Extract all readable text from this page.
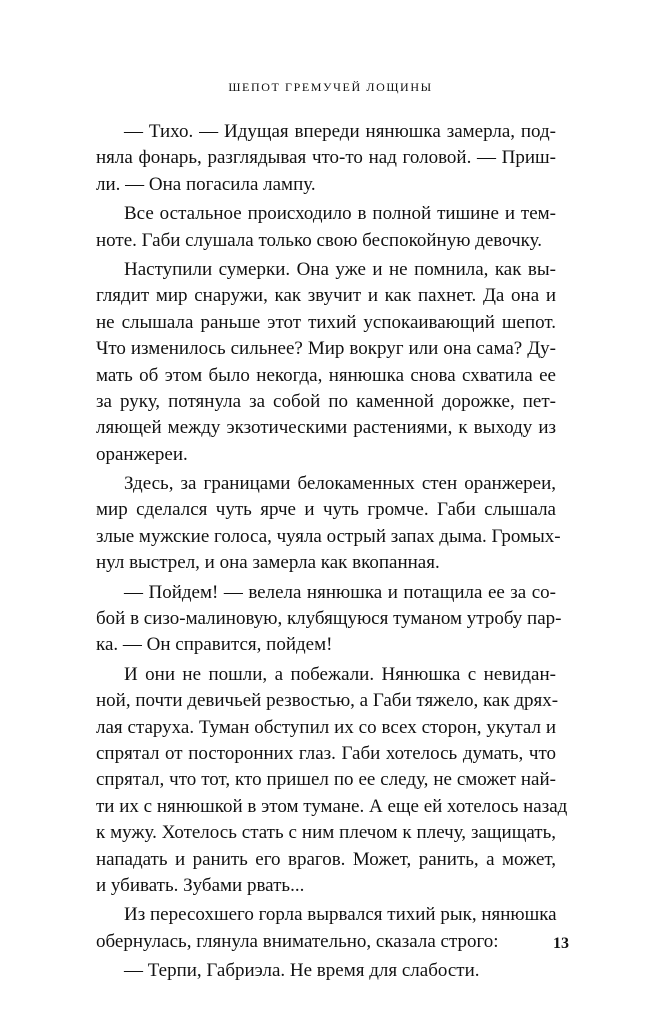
ШЕПОТ ГРЕМУЧЕЙ ЛОЩИНЫ
— Тихо. — Идущая впереди нянюшка замерла, под-
няла фонарь, разглядывая что-то над головой. — Приш-
ли. — Она погасила лампу.
Все остальное происходило в полной тишине и тем-
ноте. Габи слушала только свою беспокойную девочку.
Наступили сумерки. Она уже и не помнила, как вы-
глядит мир снаружи, как звучит и как пахнет. Да она и
не слышала раньше этот тихий успокаивающий шепот.
Что изменилось сильнее? Мир вокруг или она сама? Ду-
мать об этом было некогда, нянюшка снова схватила ее
за руку, потянула за собой по каменной дорожке, пет-
ляющей между экзотическими растениями, к выходу из
оранжереи.
Здесь, за границами белокаменных стен оранжереи,
мир сделался чуть ярче и чуть громче. Габи слышала
злые мужские голоса, чуяла острый запах дыма. Громых-
нул выстрел, и она замерла как вкопанная.
— Пойдем! — велела нянюшка и потащила ее за со-
бой в сизо-малиновую, клубящуюся туманом утробу пар-
ка. — Он справится, пойдем!
И они не пошли, а побежали. Нянюшка с невидан-
ной, почти девичьей резвостью, а Габи тяжело, как дрях-
лая старуха. Туман обступил их со всех сторон, укутал и
спрятал от посторонних глаз. Габи хотелось думать, что
спрятал, что тот, кто пришел по ее следу, не сможет най-
ти их с нянюшкой в этом тумане. А еще ей хотелось назад
к мужу. Хотелось стать с ним плечом к плечу, защищать,
нападать и ранить его врагов. Может, ранить, а может,
и убивать. Зубами рвать...
Из пересохшего горла вырвался тихий рык, нянюшка
обернулась, глянула внимательно, сказала строго:
— Терпи, Габриэла. Не время для слабости.
13
